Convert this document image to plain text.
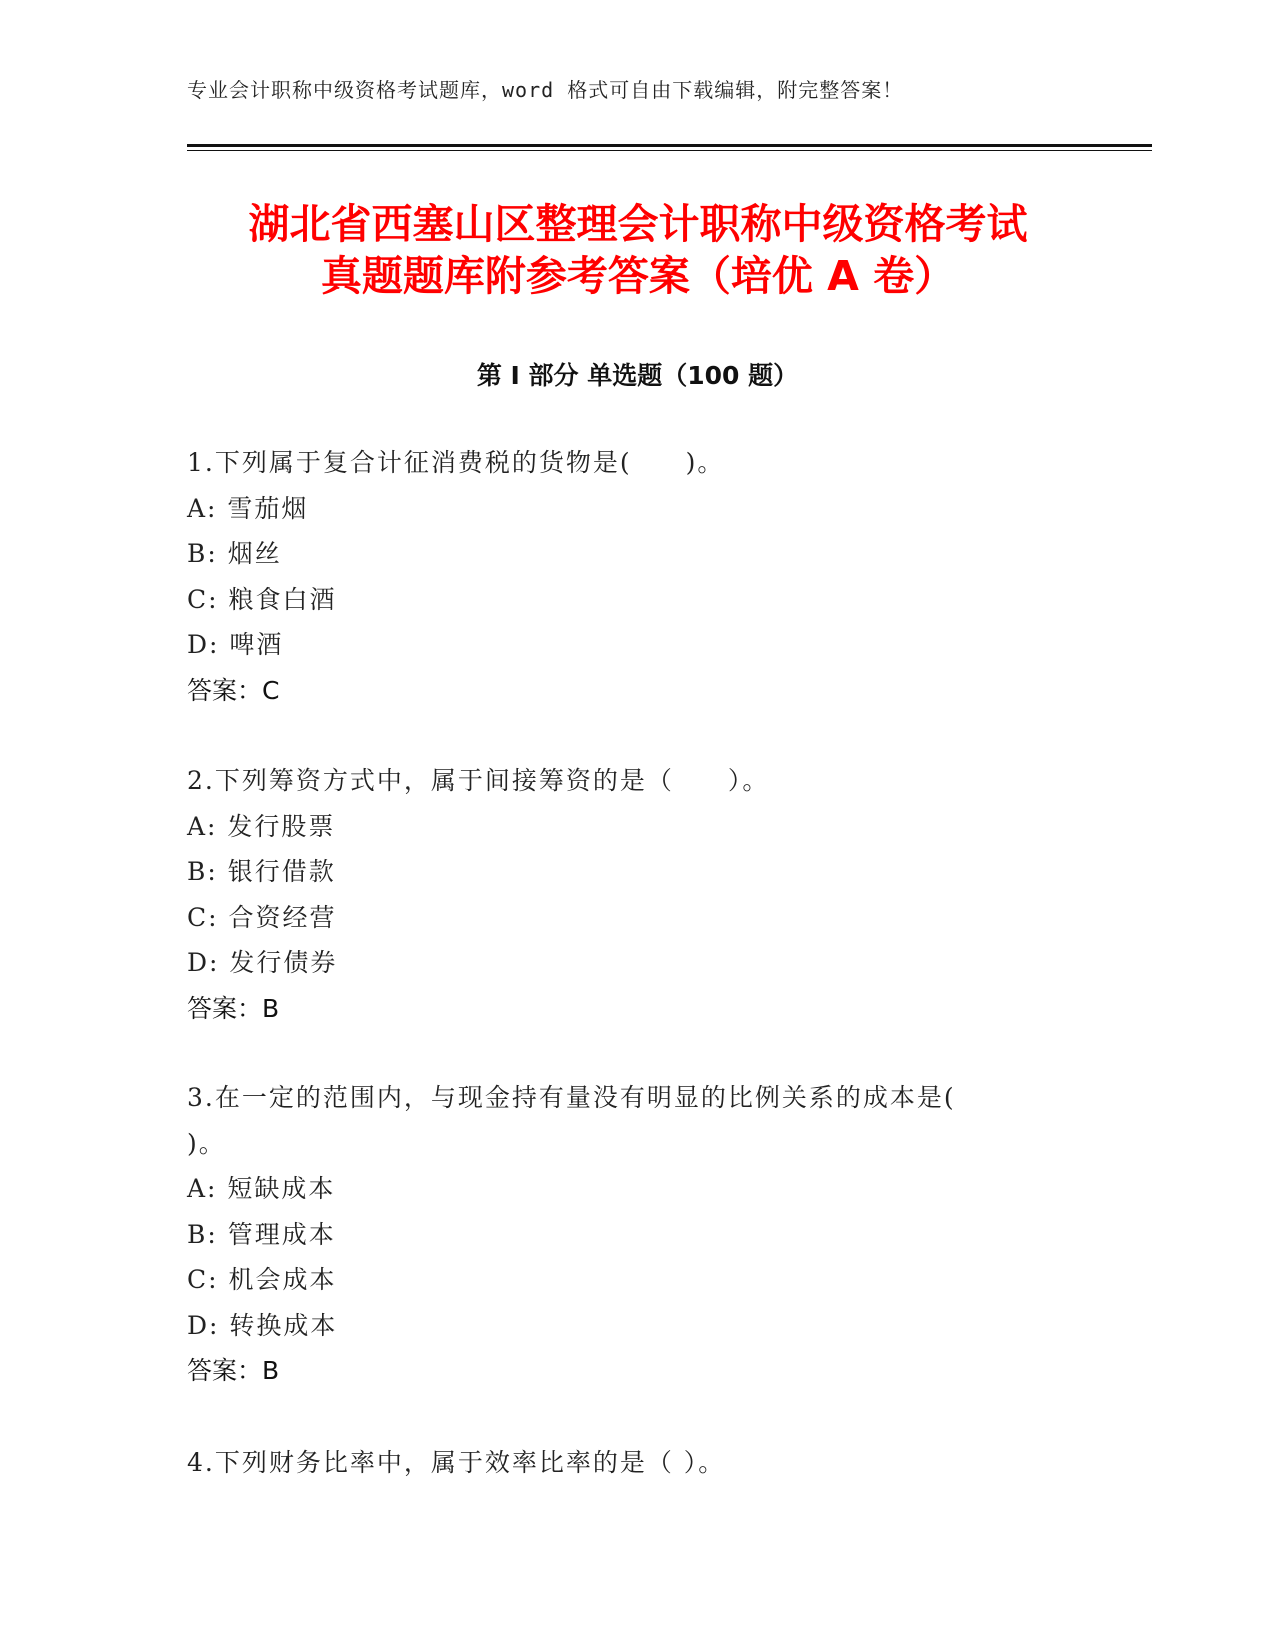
专业会计职称中级资格考试题库，word 格式可自由下载编辑，附完整答案！
湖北省西塞山区整理会计职称中级资格考试
真题题库附参考答案（培优 A 卷）
第 I 部分 单选题（100 题）
1.下列属于复合计征消费税的货物是(　　)。
A: 雪茄烟
B: 烟丝
C: 粮食白酒
D: 啤酒
答案：C
2.下列筹资方式中，属于间接筹资的是（　　）。
A: 发行股票
B: 银行借款
C: 合资经营
D: 发行债券
答案：B
3.在一定的范围内，与现金持有量没有明显的比例关系的成本是(
)。
A: 短缺成本
B: 管理成本
C: 机会成本
D: 转换成本
答案：B
4.下列财务比率中，属于效率比率的是（ ）。
